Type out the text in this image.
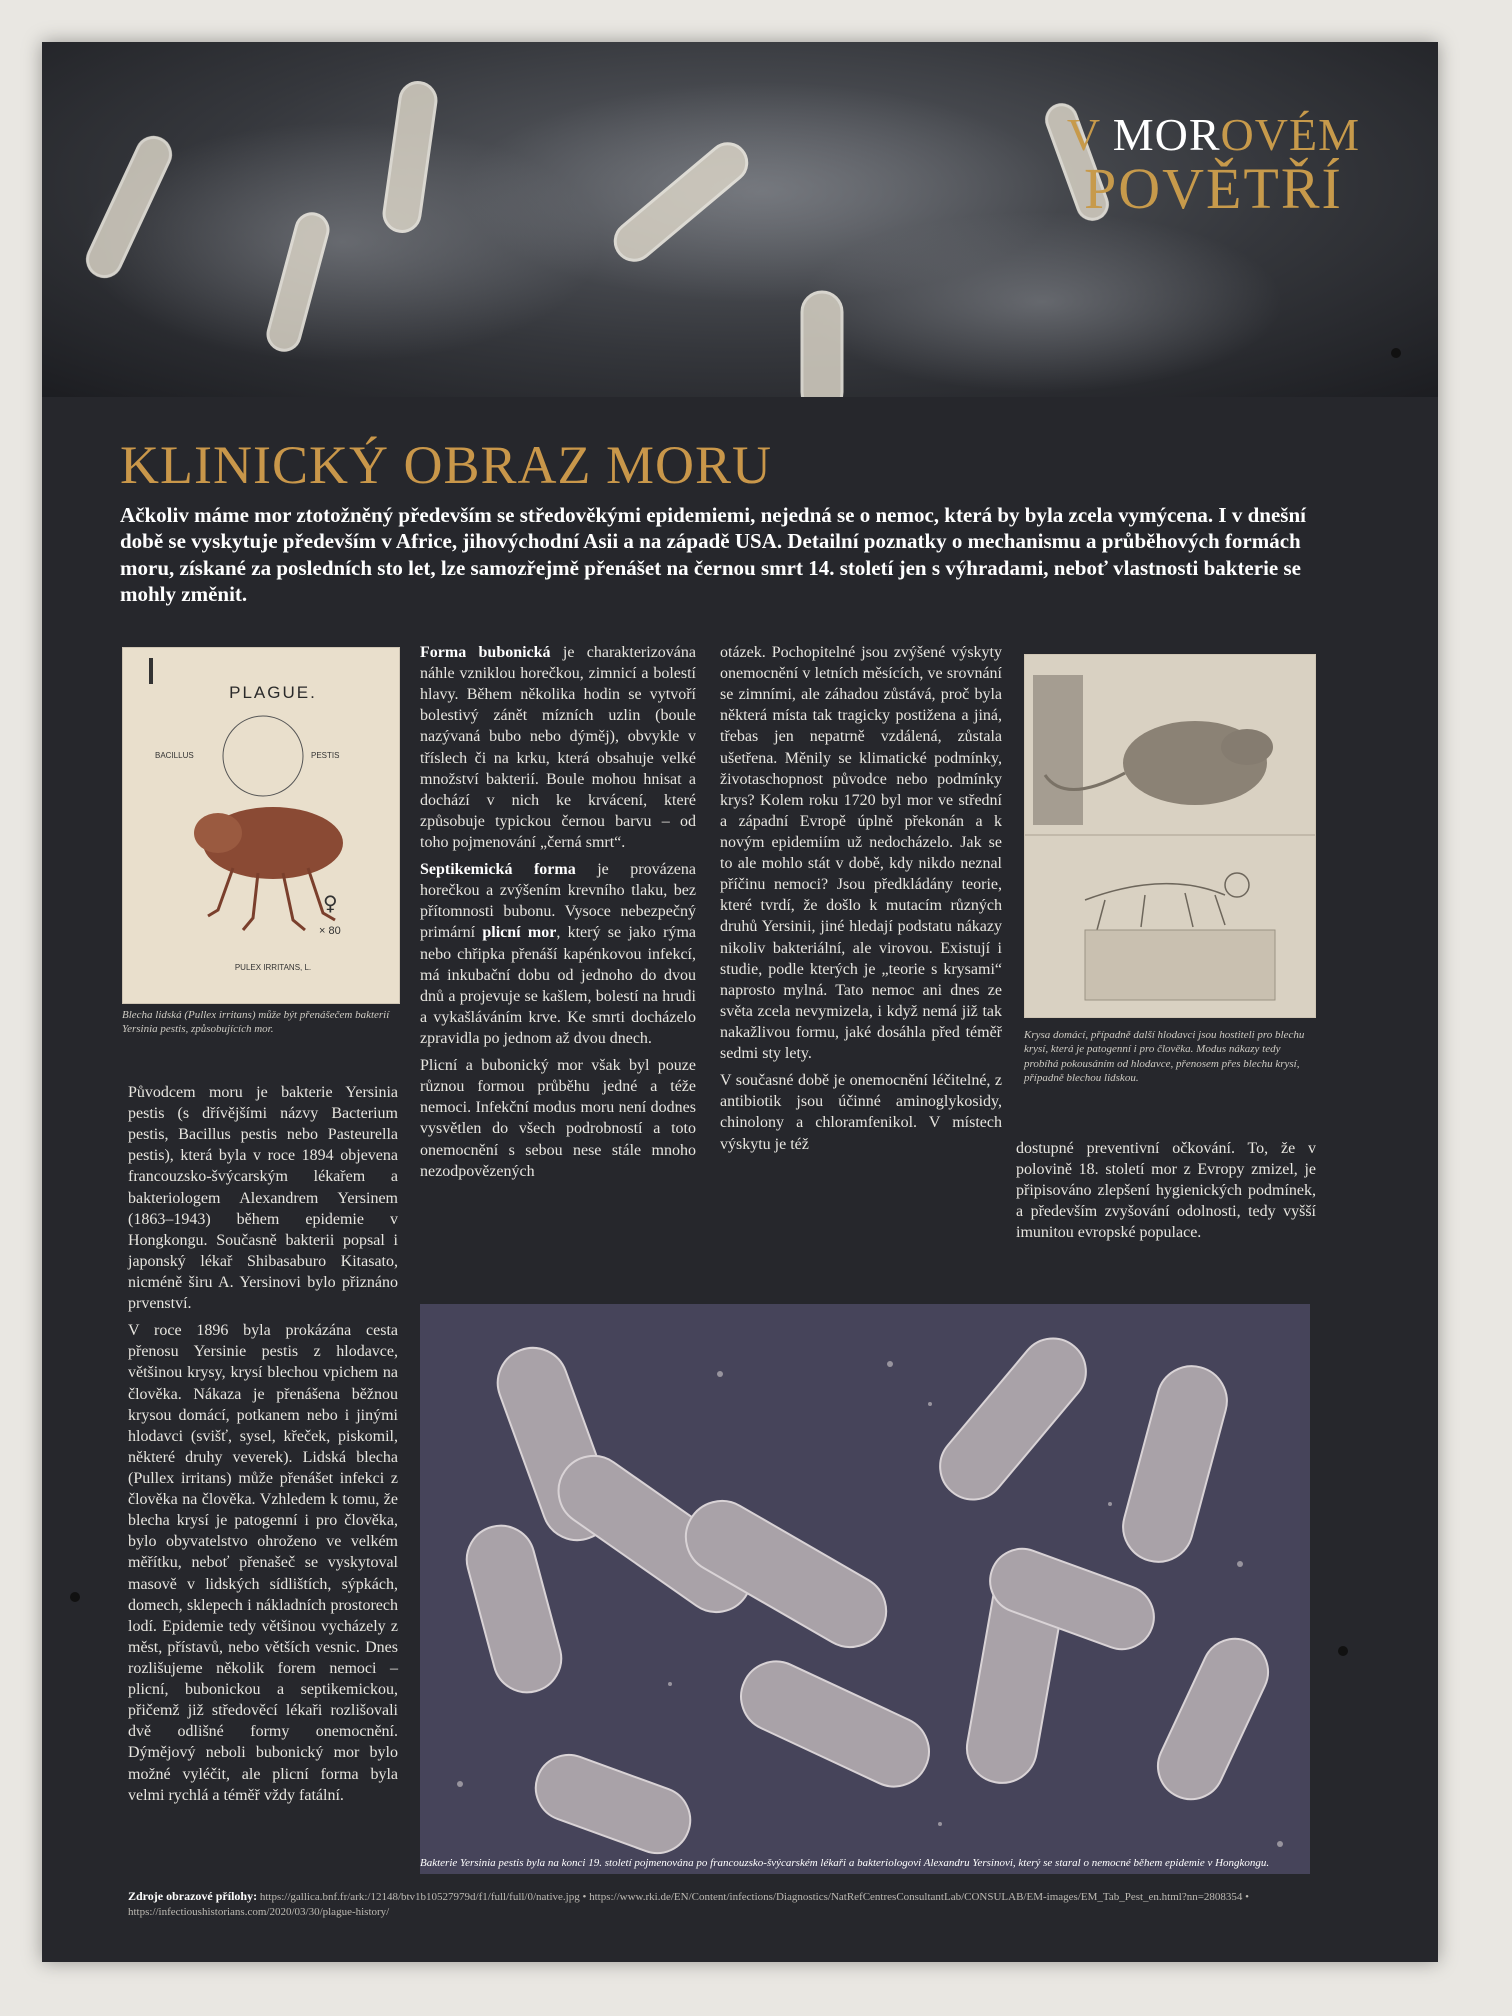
V MOROVÉM
POVĚTŘÍ
KLINICKÝ OBRAZ MORU
Ačkoliv máme mor ztotožněný především se středověkými epidemiemi, nejedná se o nemoc, která by byla zcela vymýcena. I v dnešní době se vyskytuje především v Africe, jihovýchodní Asii a na západě USA. Detailní poznatky o mechanismu a průběhových formách moru, získané za posledních sto let, lze samozřejmě přenášet na černou smrt 14. století jen s výhradami, neboť vlastnosti bakterie se mohly změnit.
PLAGUE.
BACILLUS	PESTIS
♀
× 80
PULEX IRRITANS, L.
Blecha lidská (Pullex irritans) může být přenášečem bakterií Yersinia pestis, způsobujících mor.	Krysa domácí, případně další hlodavci jsou hostiteli pro blechu krysí, která je patogenní i pro člověka. Modus nákazy tedy probíhá pokousáním od hlodavce, přenosem přes blechu krysí, případně blechou lidskou.

Původcem moru je bakterie Yersinia pestis (s dřívějšími názvy Bacterium pestis, Bacillus pestis nebo Pasteurella pestis), která byla v roce 1894 objevena francouzsko-švýcarským lékařem a bakteriologem Alexandrem Yersinem (1863–1943) během epidemie v Hongkongu. Současně bakterii popsal i japonský lékař Shibasaburo Kitasato, nicméně širu A. Yersinovi bylo přiznáno prvenství.

V roce 1896 byla prokázána cesta přenosu Yersinie pestis z hlodavce, většinou krysy, krysí blechou vpichem na člověka. Nákaza je přenášena běžnou krysou domácí, potkanem nebo i jinými hlodavci (svišť, sysel, křeček, piskomil, některé druhy veverek). Lidská blecha (Pullex irritans) může přenášet infekci z člověka na člověka. Vzhledem k tomu, že blecha krysí je patogenní i pro člověka, bylo obyvatelstvo ohroženo ve velkém měřítku, neboť přenašeč se vyskytoval masově v lidských sídlištích, sýpkách, domech, sklepech i nákladních prostorech lodí. Epidemie tedy většinou vycházely z měst, přístavů, nebo větších vesnic. Dnes rozlišujeme několik forem nemoci – plicní, bubonickou a septikemickou, přičemž již středověcí lékaři rozlišovali dvě odlišné formy onemocnění. Dýmějový neboli bubonický mor bylo možné vyléčit, ale plicní forma byla velmi rychlá a téměř vždy fatální.

Forma bubonická je charakterizována náhle vzniklou horečkou, zimnicí a bolestí hlavy. Během několika hodin se vytvoří bolestivý zánět mízních uzlin (boule nazývaná bubo nebo dýměj), obvykle v tříslech či na krku, která obsahuje velké množství bakterií. Boule mohou hnisat a dochází v nich ke krvácení, které způsobuje typickou černou barvu – od toho pojmenování „černá smrt“.

Septikemická forma je provázena horečkou a zvýšením krevního tlaku, bez přítomnosti bubonu. Vysoce nebezpečný primární plicní mor, který se jako rýma nebo chřipka přenáší kapénkovou infekcí, má inkubační dobu od jednoho do dvou dnů a projevuje se kašlem, bolestí na hrudi a vykašláváním krve. Ke smrti docházelo zpravidla po jednom až dvou dnech.

Plicní a bubonický mor však byl pouze různou formou průběhu jedné a téže nemoci. Infekční modus moru není dodnes vysvětlen do všech podrobností a toto onemocnění s sebou nese stále mnoho nezodpovězených

otázek. Pochopitelné jsou zvýšené výskyty onemocnění v letních měsících, ve srovnání se zimními, ale záhadou zůstává, proč byla některá místa tak tragicky postižena a jiná, třebas jen nepatrně vzdálená, zůstala ušetřena. Měnily se klimatické podmínky, životaschopnost původce nebo podmínky krys? Kolem roku 1720 byl mor ve střední a západní Evropě úplně překonán a k novým epidemiím už nedocházelo. Jak se to ale mohlo stát v době, kdy nikdo neznal příčinu nemoci? Jsou předkládány teorie, které tvrdí, že došlo k mutacím různých druhů Yersinii, jiné hledají podstatu nákazy nikoliv bakteriální, ale virovou. Existují i studie, podle kterých je „teorie s krysami“ naprosto mylná. Tato nemoc ani dnes ze světa zcela nevymizela, i když nemá již tak nakažlivou formu, jaké dosáhla před téměř sedmi sty lety.

V současné době je onemocnění léčitelné, z antibiotik jsou účinné aminoglykosidy, chinolony a chloramfenikol. V místech výskytu je též	dostupné preventivní očkování. To, že v polovině 18. století mor z Evropy zmizel, je připisováno zlepšení hygienických podmínek, a především zvyšování odolnosti, tedy vyšší imunitou evropské populace.

Bakterie Yersinia pestis byla na konci 19. století pojmenována po francouzsko-švýcarském lékaři a bakteriologovi Alexandru Yersinovi, který se staral o nemocné během epidemie v Hongkongu.
Zdroje obrazové přílohy: https://gallica.bnf.fr/ark:/12148/btv1b10527979d/f1/full/full/0/native.jpg • https://www.rki.de/EN/Content/infections/Diagnostics/NatRefCentresConsultantLab/CONSULAB/EM-images/EM_Tab_Pest_en.html?nn=2808354 • https://infectioushistorians.com/2020/03/30/plague-history/
